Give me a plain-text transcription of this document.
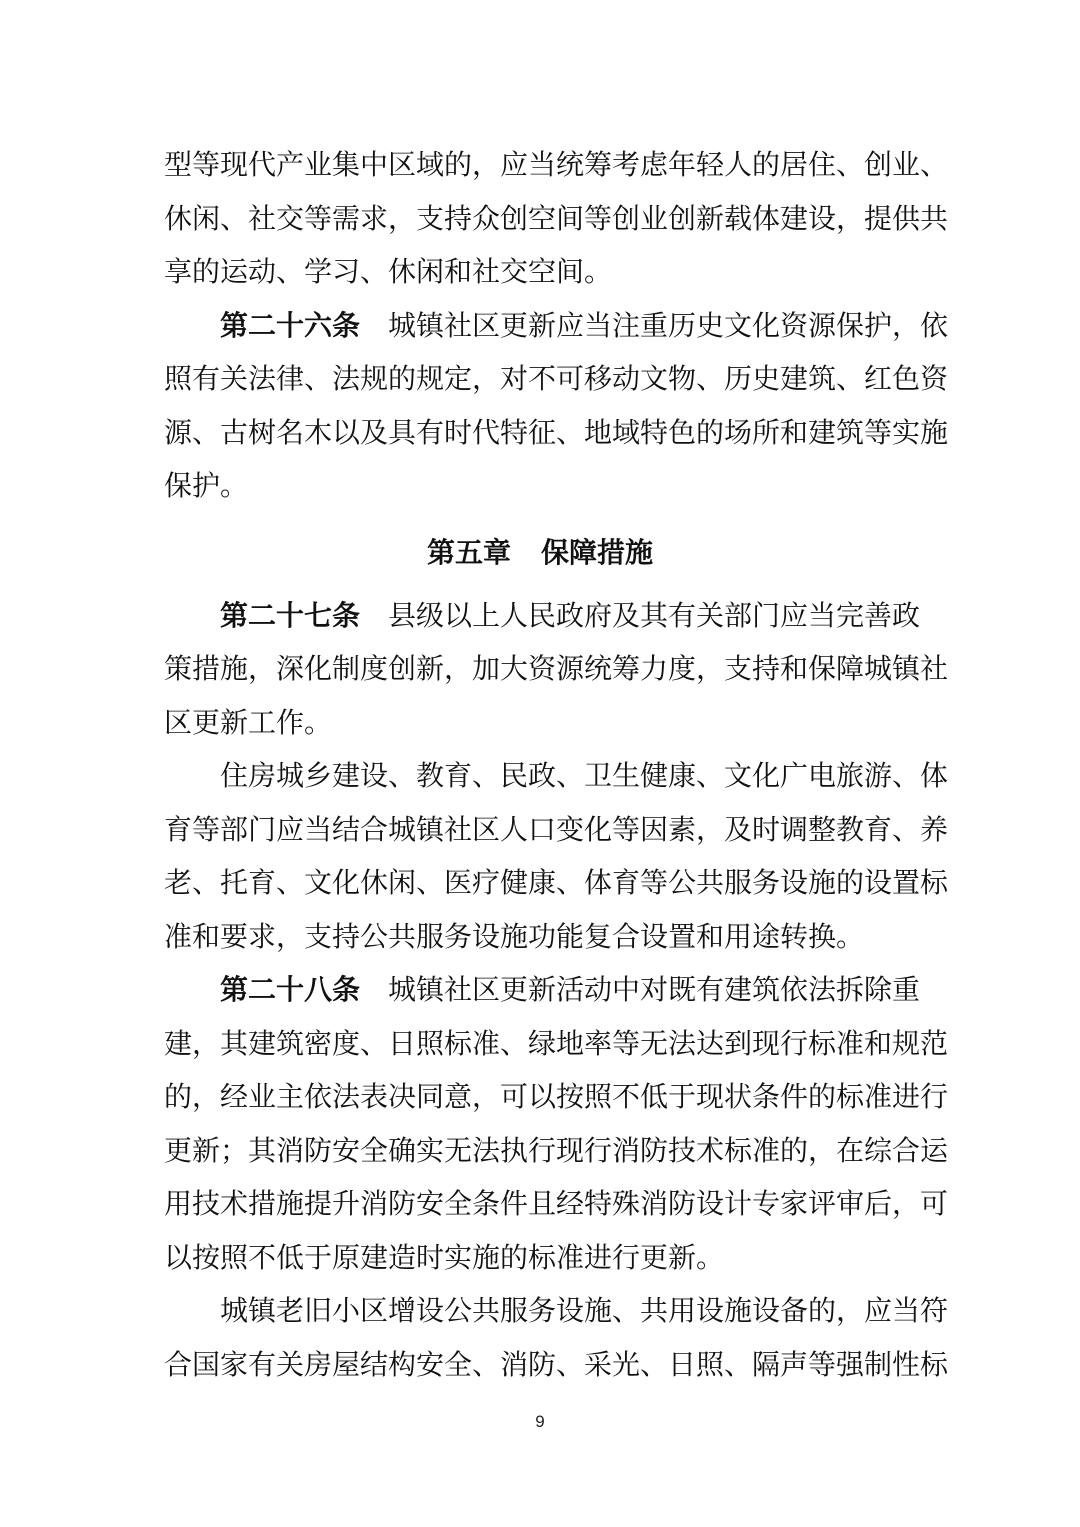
型等现代产业集中区域的，应当统筹考虑年轻人的居住、创业、
休闲、社交等需求，支持众创空间等创业创新载体建设，提供共
享的运动、学习、休闲和社交空间。
第二十六条 城镇社区更新应当注重历史文化资源保护，依
照有关法律、法规的规定，对不可移动文物、历史建筑、红色资
源、古树名木以及具有时代特征、地域特色的场所和建筑等实施
保护。
第五章 保障措施
第二十七条 县级以上人民政府及其有关部门应当完善政
策措施，深化制度创新，加大资源统筹力度，支持和保障城镇社
区更新工作。
住房城乡建设、教育、民政、卫生健康、文化广电旅游、体
育等部门应当结合城镇社区人口变化等因素，及时调整教育、养
老、托育、文化休闲、医疗健康、体育等公共服务设施的设置标
准和要求，支持公共服务设施功能复合设置和用途转换。
第二十八条 城镇社区更新活动中对既有建筑依法拆除重
建，其建筑密度、日照标准、绿地率等无法达到现行标准和规范
的，经业主依法表决同意，可以按照不低于现状条件的标准进行
更新；其消防安全确实无法执行现行消防技术标准的，在综合运
用技术措施提升消防安全条件且经特殊消防设计专家评审后，可
以按照不低于原建造时实施的标准进行更新。
城镇老旧小区增设公共服务设施、共用设施设备的，应当符
合国家有关房屋结构安全、消防、采光、日照、隔声等强制性标
9
